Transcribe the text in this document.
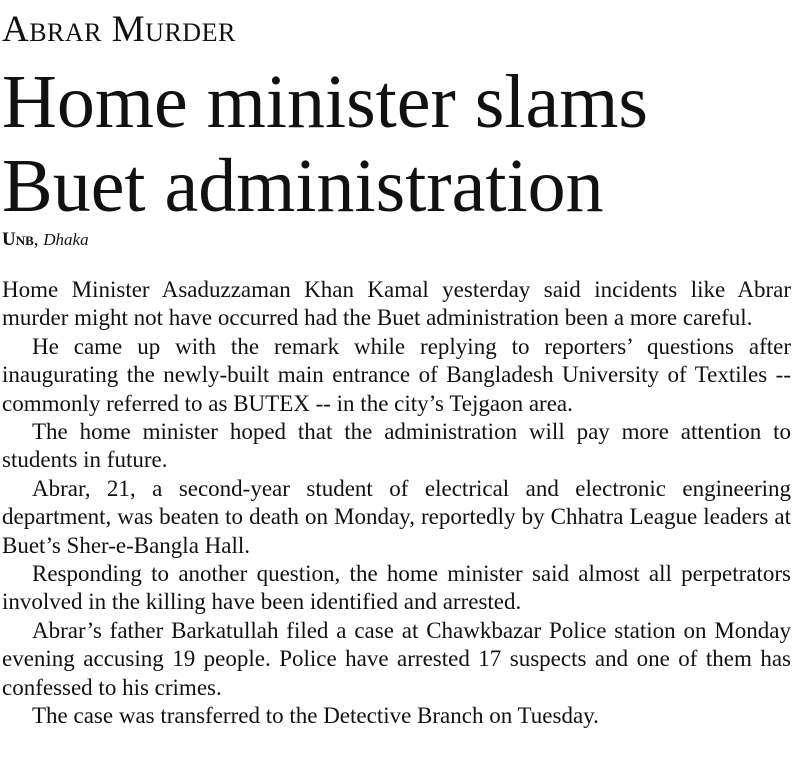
Abrar Murder
Home minister slams
Buet administration
Unb, Dhaka

Home Minister Asaduzzaman Khan Kamal yesterday said incidents like Abrar murder might not have occurred had the Buet administration been a more careful.

He came up with the remark while replying to reporters’ questions after inaugurating the newly-built main entrance of Bangladesh University of Textiles -- commonly referred to as BUTEX -- in the city’s Tejgaon area.

The home minister hoped that the administration will pay more attention to students in future.

Abrar, 21, a second-year student of electrical and electronic engineering department, was beaten to death on Monday, reportedly by Chhatra League leaders at Buet’s Sher-e-Bangla Hall.

Responding to another question, the home minister said almost all perpetrators involved in the killing have been identified and arrested.

Abrar’s father Barkatullah filed a case at Chawkbazar Police station on Monday evening accusing 19 people. Police have arrested 17 suspects and one of them has confessed to his crimes.

The case was transferred to the Detective Branch on Tuesday.
